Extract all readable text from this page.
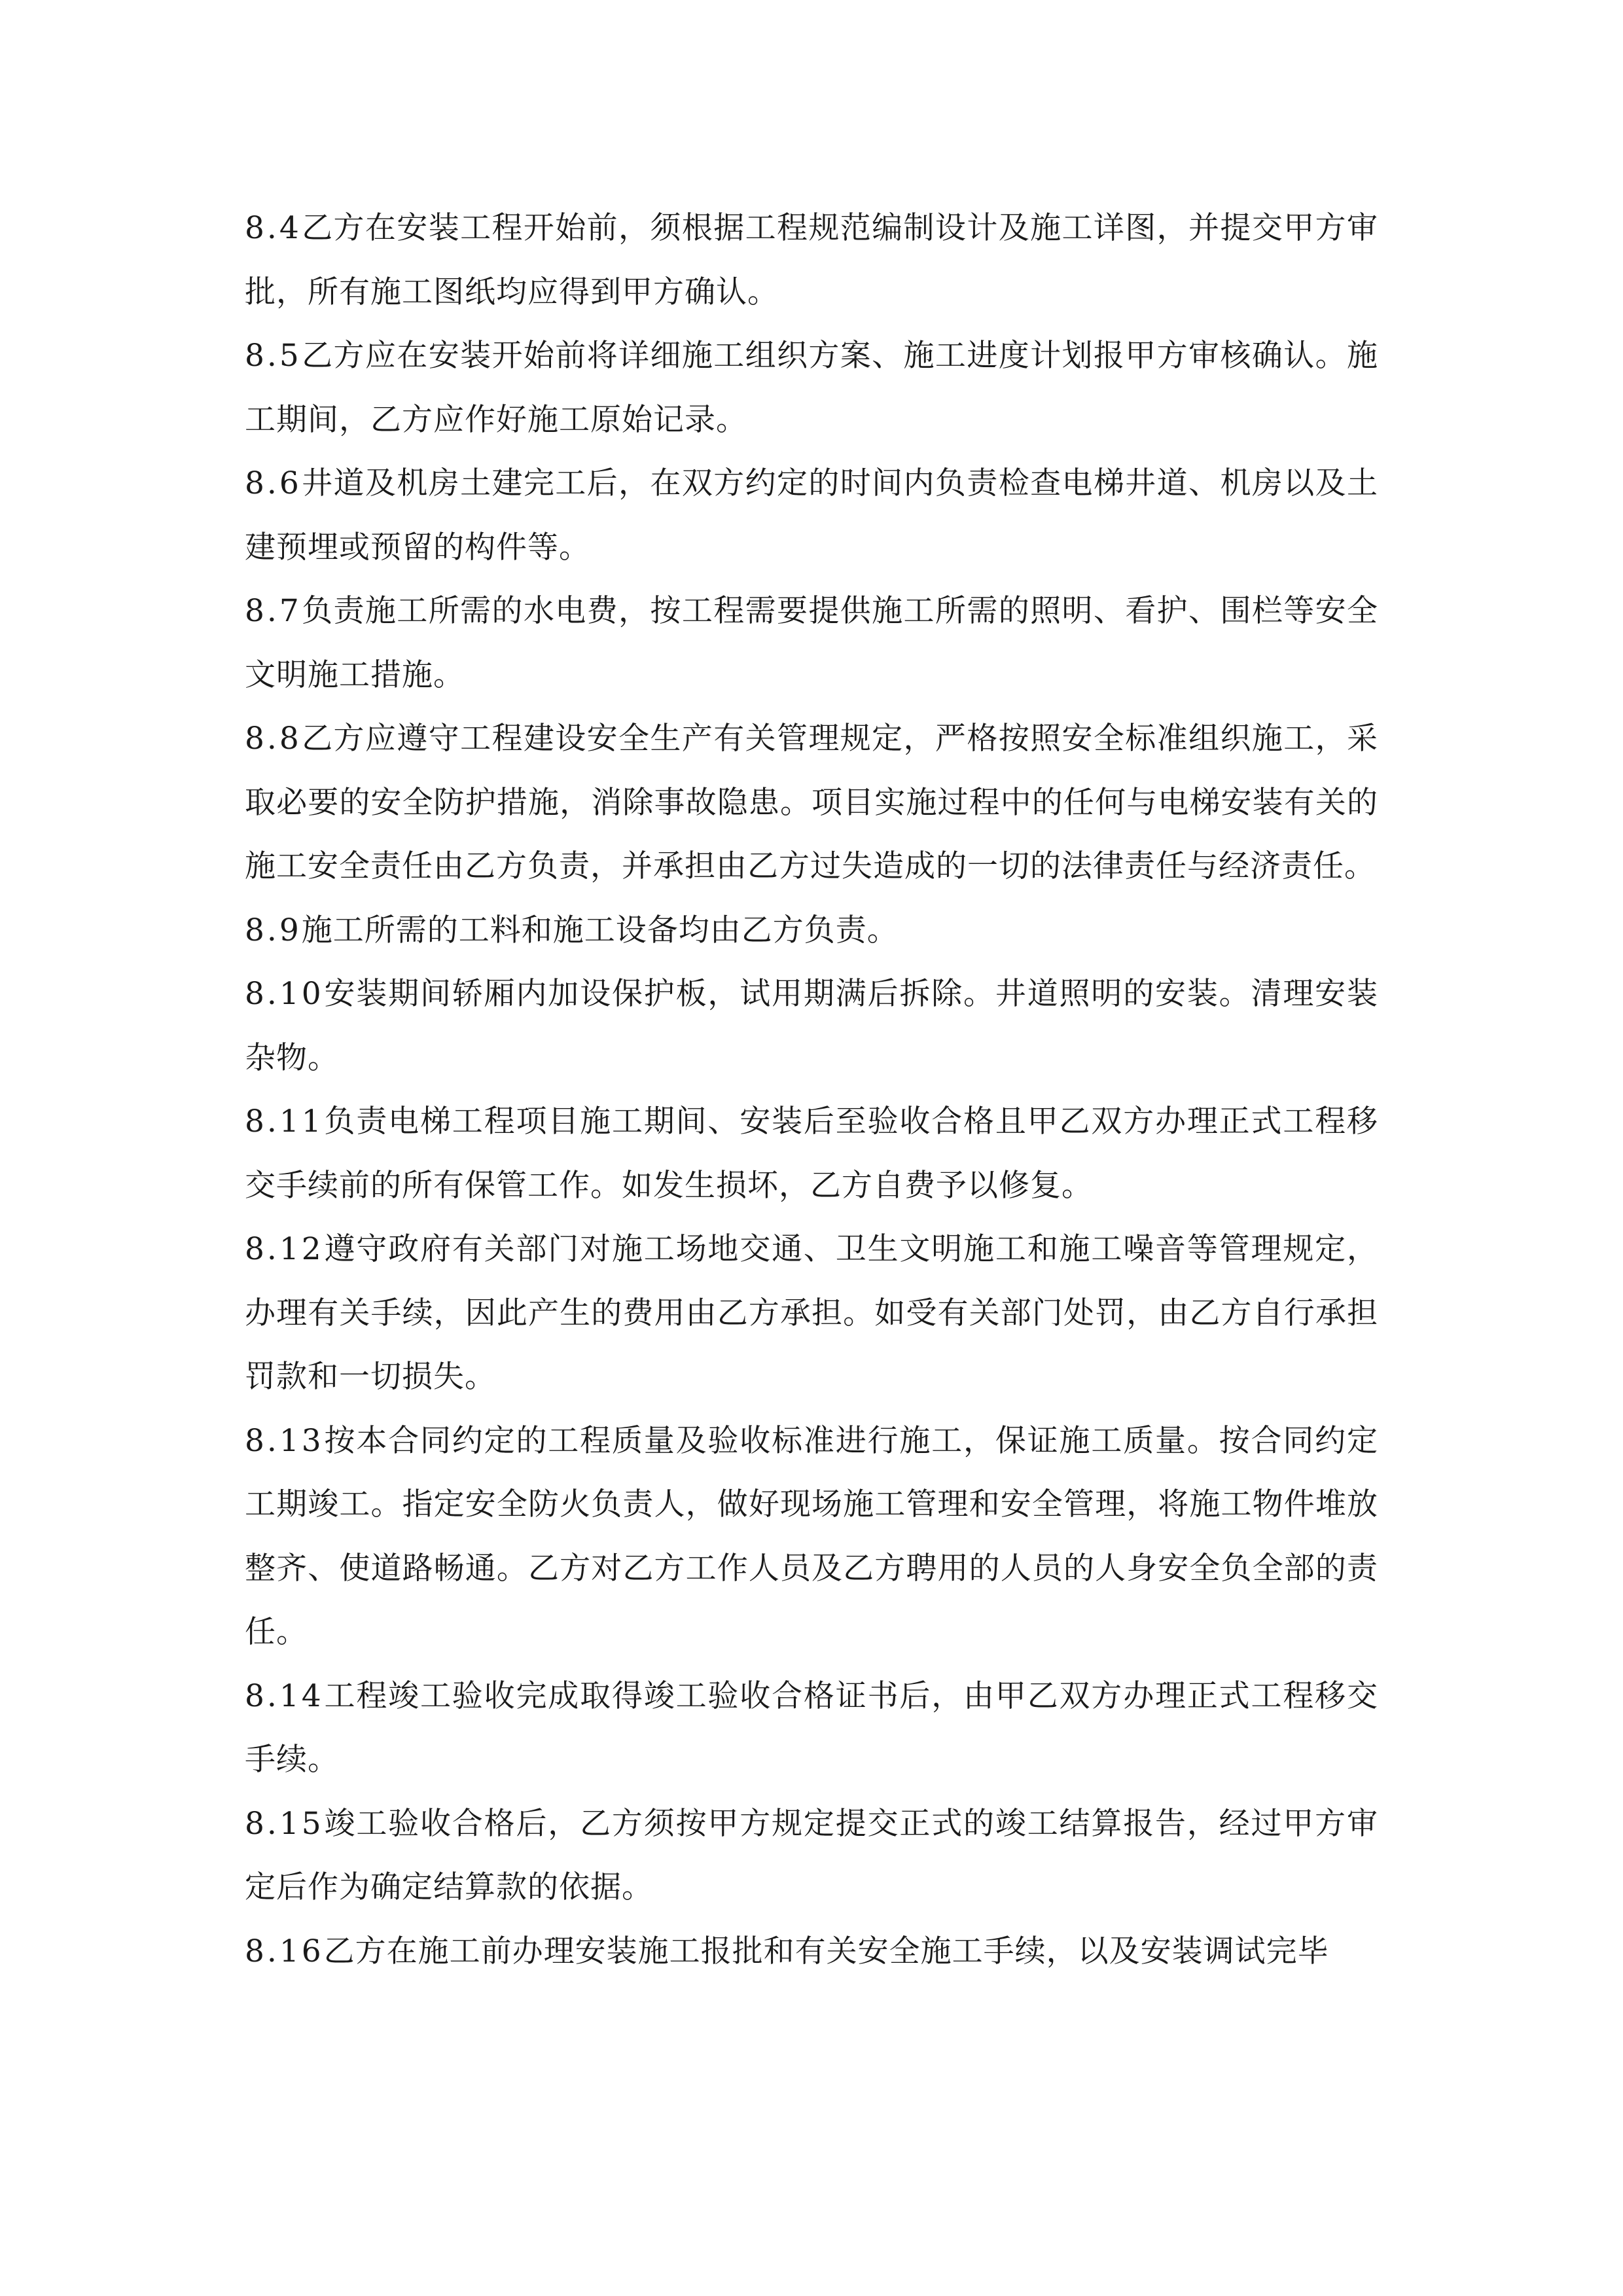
8.4乙方在安装工程开始前，须根据工程规范编制设计及施工详图，并提交甲方审批，所有施工图纸均应得到甲方确认。

8.5乙方应在安装开始前将详细施工组织方案、施工进度计划报甲方审核确认。施工期间，乙方应作好施工原始记录。

8.6井道及机房土建完工后，在双方约定的时间内负责检查电梯井道、机房以及土建预埋或预留的构件等。

8.7负责施工所需的水电费，按工程需要提供施工所需的照明、看护、围栏等安全文明施工措施。

8.8乙方应遵守工程建设安全生产有关管理规定，严格按照安全标准组织施工，采取必要的安全防护措施，消除事故隐患。项目实施过程中的任何与电梯安装有关的施工安全责任由乙方负责，并承担由乙方过失造成的一切的法律责任与经济责任。

8.9施工所需的工料和施工设备均由乙方负责。

8.10安装期间轿厢内加设保护板，试用期满后拆除。井道照明的安装。清理安装杂物。

8.11负责电梯工程项目施工期间、安装后至验收合格且甲乙双方办理正式工程移交手续前的所有保管工作。如发生损坏，乙方自费予以修复。

8.12遵守政府有关部门对施工场地交通、卫生文明施工和施工噪音等管理规定，办理有关手续，因此产生的费用由乙方承担。如受有关部门处罚，由乙方自行承担罚款和一切损失。

8.13按本合同约定的工程质量及验收标准进行施工，保证施工质量。按合同约定工期竣工。指定安全防火负责人，做好现场施工管理和安全管理，将施工物件堆放整齐、使道路畅通。乙方对乙方工作人员及乙方聘用的人员的人身安全负全部的责任。

8.14工程竣工验收完成取得竣工验收合格证书后，由甲乙双方办理正式工程移交手续。

8.15竣工验收合格后，乙方须按甲方规定提交正式的竣工结算报告，经过甲方审定后作为确定结算款的依据。

8.16乙方在施工前办理安装施工报批和有关安全施工手续，以及安装调试完毕
